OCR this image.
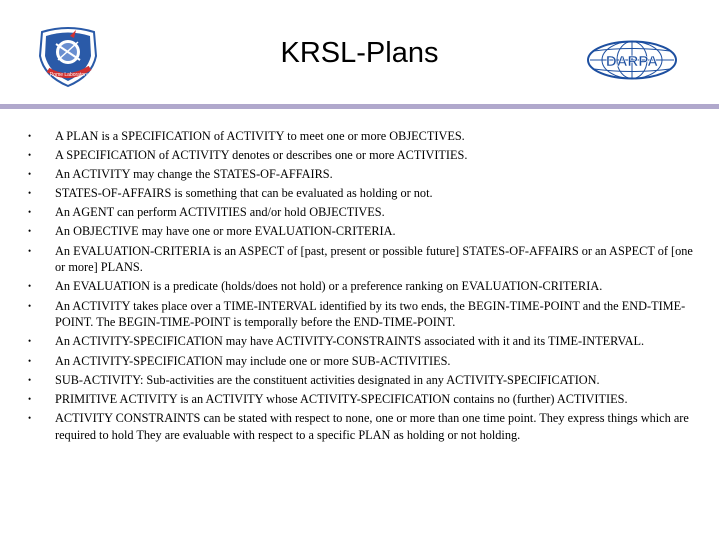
Rome Laboratory
KRSL-Plans	DARPA
• A PLAN is a SPECIFICATION of ACTIVITY to meet one or more OBJECTIVES.
• A SPECIFICATION of ACTIVITY denotes or describes one or more ACTIVITIES.
• An ACTIVITY may change the STATES-OF-AFFAIRS.
• STATES-OF-AFFAIRS is something that can be evaluated as holding or not.
• An AGENT can perform ACTIVITIES and/or hold OBJECTIVES.
• An OBJECTIVE may have one or more EVALUATION-CRITERIA.
• An EVALUATION-CRITERIA is an ASPECT of [past, present or possible future] STATES-OF-AFFAIRS or an ASPECT of [one or more] PLANS.
• An EVALUATION is a predicate (holds/does not hold) or a preference ranking on EVALUATION-CRITERIA.
• An ACTIVITY takes place over a TIME-INTERVAL identified by its two ends, the BEGIN-TIME-POINT and the END-TIME-POINT. The BEGIN-TIME-POINT is temporally before the END-TIME-POINT.
• An ACTIVITY-SPECIFICATION may have ACTIVITY-CONSTRAINTS associated with it and its TIME-INTERVAL.
• An ACTIVITY-SPECIFICATION may include one or more SUB-ACTIVITIES.
• SUB-ACTIVITY: Sub-activities are the constituent activities designated in any ACTIVITY-SPECIFICATION.
• PRIMITIVE ACTIVITY is an ACTIVITY whose ACTIVITY-SPECIFICATION contains no (further) ACTIVITIES.
• ACTIVITY CONSTRAINTS can be stated with respect to none, one or more than one time point. They express things which are required to hold They are evaluable with respect to a specific PLAN as holding or not holding.
